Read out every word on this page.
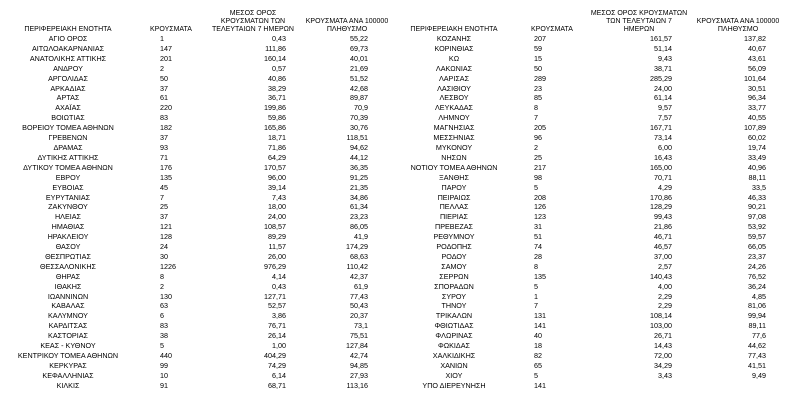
ΠΕΡΙΦΕΡΕΙΑΚΗ ΕΝΟΤΗΤΑ	ΚΡΟΥΣΜΑΤΑ	ΜΕΣΟΣ ΟΡΟΣ ΚΡΟΥΣΜΑΤΩΝ ΤΩΝ ΤΕΛΕΥΤΑΙΩΝ 7 ΗΜΕΡΩΝ	ΚΡΟΥΣΜΑΤΑ ΑΝΑ 100000 ΠΛΗΘΥΣΜΟ
ΑΓΙΟ ΟΡΟΣ	1	0,43	55,22
ΑΙΤΩΛΟΑΚΑΡΝΑΝΙΑΣ	147	111,86	69,73
ΑΝΑΤΟΛΙΚΗΣ ΑΤΤΙΚΗΣ	201	160,14	40,01
ΑΝΔΡΟΥ	2	0,57	21,69
ΑΡΓΟΛΙΔΑΣ	50	40,86	51,52
ΑΡΚΑΔΙΑΣ	37	38,29	42,68
ΑΡΤΑΣ	61	36,71	89,87
ΑΧΑΪΑΣ	220	199,86	70,9
ΒΟΙΩΤΙΑΣ	83	59,86	70,39
ΒΟΡΕΙΟΥ ΤΟΜΕΑ ΑΘΗΝΩΝ	182	165,86	30,76
ΓΡΕΒΕΝΩΝ	37	18,71	118,51
ΔΡΑΜΑΣ	93	71,86	94,62
ΔΥΤΙΚΗΣ ΑΤΤΙΚΗΣ	71	64,29	44,12
ΔΥΤΙΚΟΥ ΤΟΜΕΑ ΑΘΗΝΩΝ	176	170,57	36,35
ΕΒΡΟΥ	135	96,00	91,25
ΕΥΒΟΙΑΣ	45	39,14	21,35
ΕΥΡΥΤΑΝΙΑΣ	7	7,43	34,86
ΖΑΚΥΝΘΟΥ	25	18,00	61,34
ΗΛΕΙΑΣ	37	24,00	23,23
ΗΜΑΘΙΑΣ	121	108,57	86,05
ΗΡΑΚΛΕΙΟΥ	128	89,29	41,9
ΘΑΣΟΥ	24	11,57	174,29
ΘΕΣΠΡΩΤΙΑΣ	30	26,00	68,63
ΘΕΣΣΑΛΟΝΙΚΗΣ	1226	976,29	110,42
ΘΗΡΑΣ	8	4,14	42,37
ΙΘΑΚΗΣ	2	0,43	61,9
ΙΩΑΝΝΙΝΩΝ	130	127,71	77,43
ΚΑΒΑΛΑΣ	63	52,57	50,43
ΚΑΛΥΜΝΟΥ	6	3,86	20,37
ΚΑΡΔΙΤΣΑΣ	83	76,71	73,1
ΚΑΣΤΟΡΙΑΣ	38	26,14	75,51
ΚΕΑΣ - ΚΥΘΝΟΥ	5	1,00	127,84
ΚΕΝΤΡΙΚΟΥ ΤΟΜΕΑ ΑΘΗΝΩΝ	440	404,29	42,74
ΚΕΡΚΥΡΑΣ	99	74,29	94,85
ΚΕΦΑΛΛΗΝΙΑΣ	10	6,14	27,93
ΚΙΛΚΙΣ	91	68,71	113,16
ΠΕΡΙΦΕΡΕΙΑΚΗ ΕΝΟΤΗΤΑ	ΚΡΟΥΣΜΑΤΑ	ΜΕΣΟΣ ΟΡΟΣ ΚΡΟΥΣΜΑΤΩΝ ΤΩΝ ΤΕΛΕΥΤΑΙΩΝ 7 ΗΜΕΡΩΝ	ΚΡΟΥΣΜΑΤΑ ΑΝΑ 100000 ΠΛΗΘΥΣΜΟ
ΚΟΖΑΝΗΣ	207	161,57	137,82
ΚΟΡΙΝΘΙΑΣ	59	51,14	40,67
ΚΩ	15	9,43	43,61
ΛΑΚΩΝΙΑΣ	50	38,71	56,09
ΛΑΡΙΣΑΣ	289	285,29	101,64
ΛΑΣΙΘΙΟΥ	23	24,00	30,51
ΛΕΣΒΟΥ	85	61,14	96,34
ΛΕΥΚΑΔΑΣ	8	9,57	33,77
ΛΗΜΝΟΥ	7	7,57	40,55
ΜΑΓΝΗΣΙΑΣ	205	167,71	107,89
ΜΕΣΣΗΝΙΑΣ	96	73,14	60,02
ΜΥΚΟΝΟΥ	2	6,00	19,74
ΝΗΣΩΝ	25	16,43	33,49
ΝΟΤΙΟΥ ΤΟΜΕΑ ΑΘΗΝΩΝ	217	165,00	40,96
ΞΑΝΘΗΣ	98	70,71	88,11
ΠΑΡΟΥ	5	4,29	33,5
ΠΕΙΡΑΙΩΣ	208	170,86	46,33
ΠΕΛΛΑΣ	126	128,29	90,21
ΠΙΕΡΙΑΣ	123	99,43	97,08
ΠΡΕΒΕΖΑΣ	31	21,86	53,92
ΡΕΘΥΜΝΟΥ	51	46,71	59,57
ΡΟΔΟΠΗΣ	74	46,57	66,05
ΡΟΔΟΥ	28	37,00	23,37
ΣΑΜΟΥ	8	2,57	24,26
ΣΕΡΡΩΝ	135	140,43	76,52
ΣΠΟΡΑΔΩΝ	5	4,00	36,24
ΣΥΡΟΥ	1	2,29	4,85
ΤΗΝΟΥ	7	2,29	81,06
ΤΡΙΚΑΛΩΝ	131	108,14	99,94
ΦΘΙΩΤΙΔΑΣ	141	103,00	89,11
ΦΛΩΡΙΝΑΣ	40	26,71	77,6
ΦΩΚΙΔΑΣ	18	14,43	44,62
ΧΑΛΚΙΔΙΚΗΣ	82	72,00	77,43
ΧΑΝΙΩΝ	65	34,29	41,51
ΧΙΟΥ	5	3,43	9,49
ΥΠΟ ΔΙΕΡΕΥΝΗΣΗ	141		
